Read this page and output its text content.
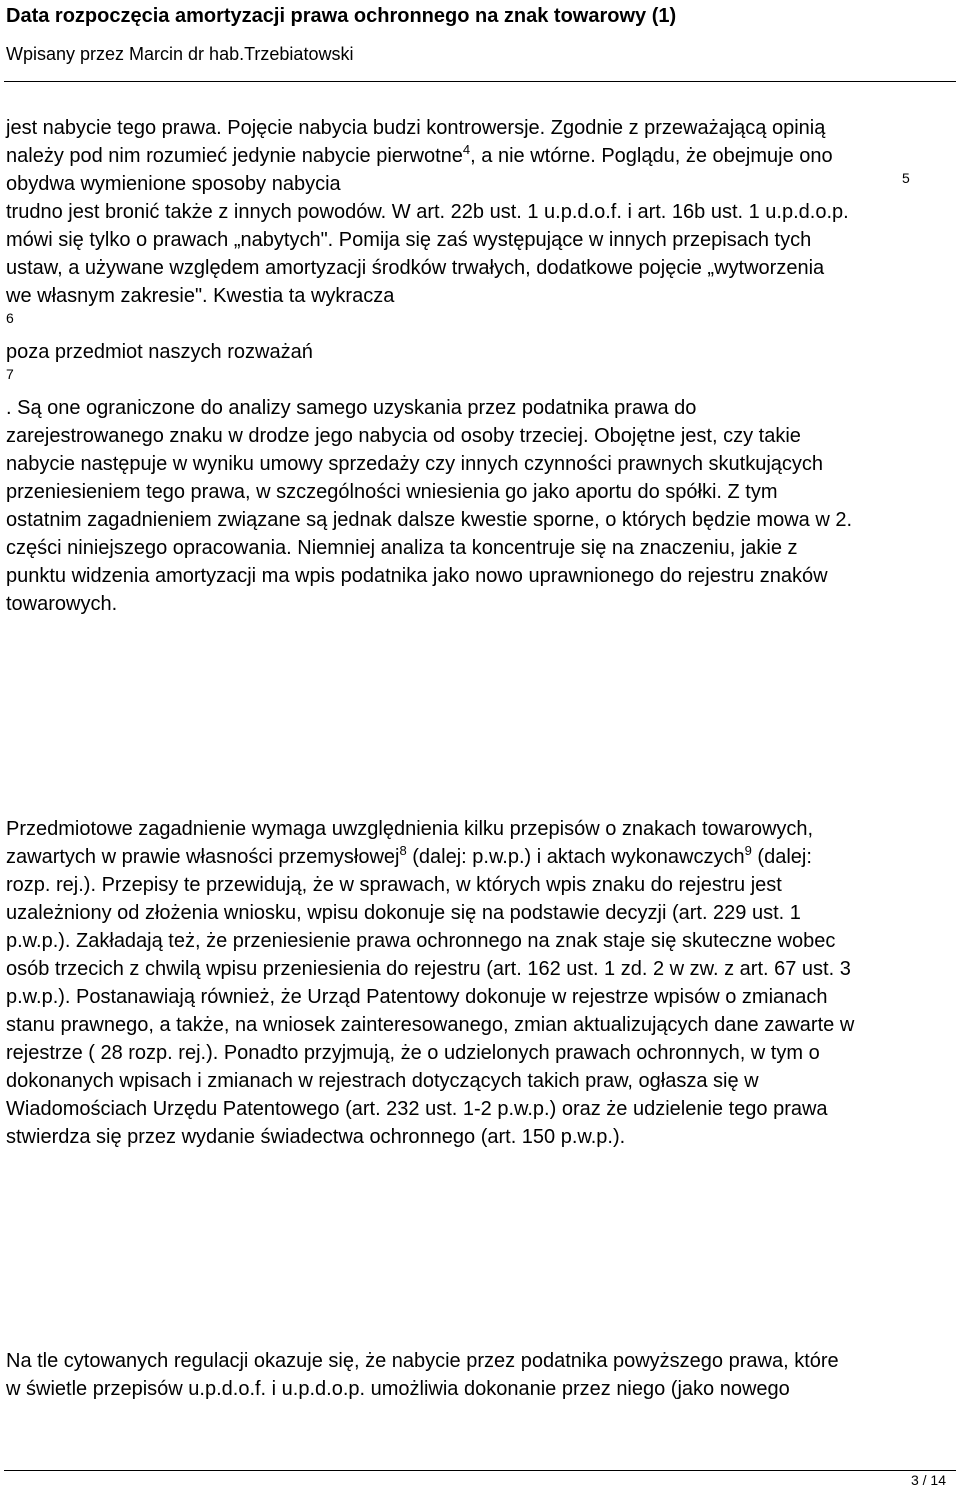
Data rozpoczęcia amortyzacji prawa ochronnego na znak towarowy (1)
Wpisany przez Marcin dr hab.Trzebiatowski
jest nabycie tego prawa. Pojęcie nabycia budzi kontrowersje. Zgodnie z przeważającą opinią
należy pod nim rozumieć jedynie nabycie pierwotne$^4$, a nie wtórne. Poglądu, że obejmuje ono
obydwa wymienione sposoby nabycia	5
trudno jest bronić także z innych powodów. W art. 22b ust. 1 u.p.d.o.f. i art. 16b ust. 1 u.p.d.o.p.
mówi się tylko o prawach „nabytych". Pomija się zaś występujące w innych przepisach tych
ustaw, a używane względem amortyzacji środków trwałych, dodatkowe pojęcie „wytworzenia
we własnym zakresie". Kwestia ta wykracza
6
poza przedmiot naszych rozważań
7
. Są one ograniczone do analizy samego uzyskania przez podatnika prawa do
zarejestrowanego znaku w drodze jego nabycia od osoby trzeciej. Obojętne jest, czy takie
nabycie następuje w wyniku umowy sprzedaży czy innych czynności prawnych skutkujących
przeniesieniem tego prawa, w szczególności wniesienia go jako aportu do spółki. Z tym
ostatnim zagadnieniem związane są jednak dalsze kwestie sporne, o których będzie mowa w 2.
części niniejszego opracowania. Niemniej analiza ta koncentruje się na znaczeniu, jakie z
punktu widzenia amortyzacji ma wpis podatnika jako nowo uprawnionego do rejestru znaków
towarowych.
Przedmiotowe zagadnienie wymaga uwzględnienia kilku przepisów o znakach towarowych,
zawartych w prawie własności przemysłowej$^8$ (dalej: p.w.p.) i aktach wykonawczych$^9$ (dalej:
rozp. rej.). Przepisy te przewidują, że w sprawach, w których wpis znaku do rejestru jest
uzależniony od złożenia wniosku, wpisu dokonuje się na podstawie decyzji (art. 229 ust. 1
p.w.p.). Zakładają też, że przeniesienie prawa ochronnego na znak staje się skuteczne wobec
osób trzecich z chwilą wpisu przeniesienia do rejestru (art. 162 ust. 1 zd. 2 w zw. z art. 67 ust. 3
p.w.p.). Postanawiają również, że Urząd Patentowy dokonuje w rejestrze wpisów o zmianach
stanu prawnego, a także, na wniosek zainteresowanego, zmian aktualizujących dane zawarte w
rejestrze ( 28 rozp. rej.). Ponadto przyjmują, że o udzielonych prawach ochronnych, w tym o
dokonanych wpisach i zmianach w rejestrach dotyczących takich praw, ogłasza się w
Wiadomościach Urzędu Patentowego (art. 232 ust. 1-2 p.w.p.) oraz że udzielenie tego prawa
stwierdza się przez wydanie świadectwa ochronnego (art. 150 p.w.p.).
Na tle cytowanych regulacji okazuje się, że nabycie przez podatnika powyższego prawa, które
w świetle przepisów u.p.d.o.f. i u.p.d.o.p. umożliwia dokonanie przez niego (jako nowego
3 / 14
